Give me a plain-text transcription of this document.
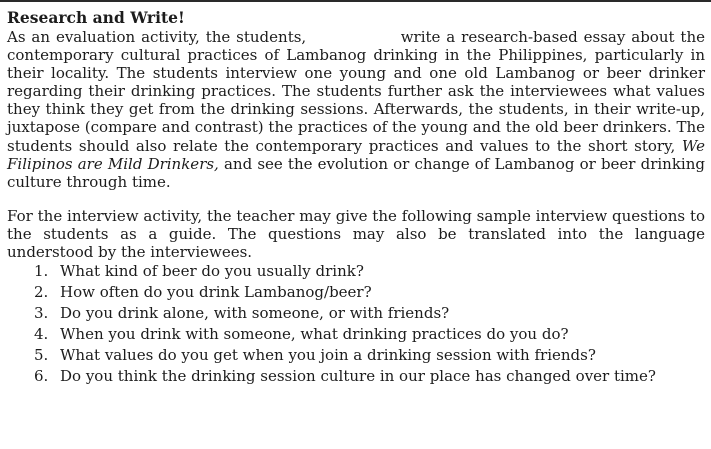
Research and Write!

As an evaluation activity, the students,                write a research-based essay about the contemporary cultural practices of Lambanog drinking in the Philippines, particularly in their locality. The students interview one young and one old Lambanog or beer drinker regarding their drinking practices. The students further ask the interviewees what values they think they get from the drinking sessions. Afterwards, the students, in their write-up, juxtapose (compare and contrast) the practices of the young and the old beer drinkers. The students should also relate the contemporary practices and values to the short story, We Filipinos are Mild Drinkers, and see the evolution or change of Lambanog or beer drinking culture through time.

For the interview activity, the teacher may give the following sample interview questions to the students as a guide. The questions may also be translated into the language understood by the interviewees.

1. What kind of beer do you usually drink?
2. How often do you drink Lambanog/beer?
3. Do you drink alone, with someone, or with friends?
4. When you drink with someone, what drinking practices do you do?
5. What values do you get when you join a drinking session with friends?
6. Do you think the drinking session culture in our place has changed over time?
